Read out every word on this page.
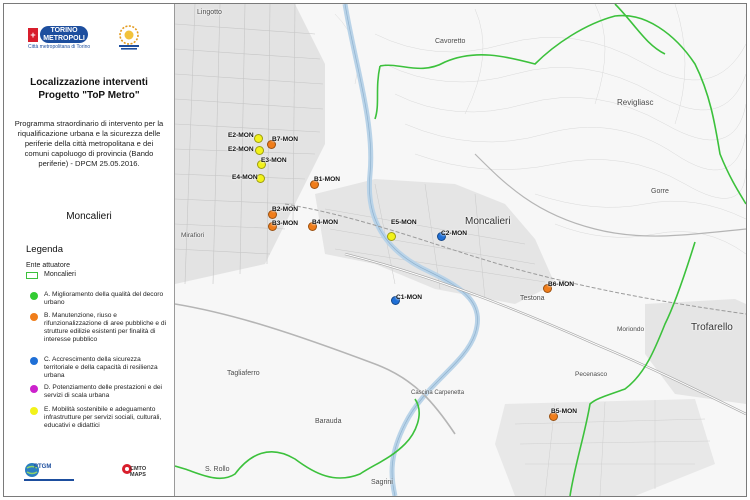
+	TORINO
METROPOLI
Città metropolitana di Torino
Localizzazione interventi
Progetto "ToP Metro"
Programma straordinario di intervento per la riqualificazione urbana e la sicurezza delle periferie della città metropolitana e dei comuni capoluogo di provincia (Bando periferie) - DPCM 25.05.2016.
Moncalieri
Legenda
Ente attuatore
Moncalieri
A. Miglioramento della qualità del decoro urbano
B. Manutenzione, riuso e rifunzionalizzazione di aree pubbliche e di strutture edilizie esistenti per finalità di interesse pubblico
C. Accrescimento della sicurezza territoriale e della capacità di resilienza urbana
D. Potenziamento delle prestazioni e dei servizi di scala urbana
E. Mobilità sostenibile e adeguamento infrastrutture per servizi sociali, culturali, educativi e didattici
PTGM	CMTO MAPS
Lingotto
Cavoretto
Revigliasc
Moncalieri
Gorre
Trofarello
Testona
Moriondo
Pecenasco
Barauda
Sagrini
Cascina Carpenetta
Tagliaferro
S. Rollo
Mirafiori
E2-MON
B7-MON
E2-MON
E3-MON
E4-MON	B1-MON
B2-MON
B3-MON B4-MON	E5-MON
C2-MON
C1-MON
B6-MON
B5-MON
